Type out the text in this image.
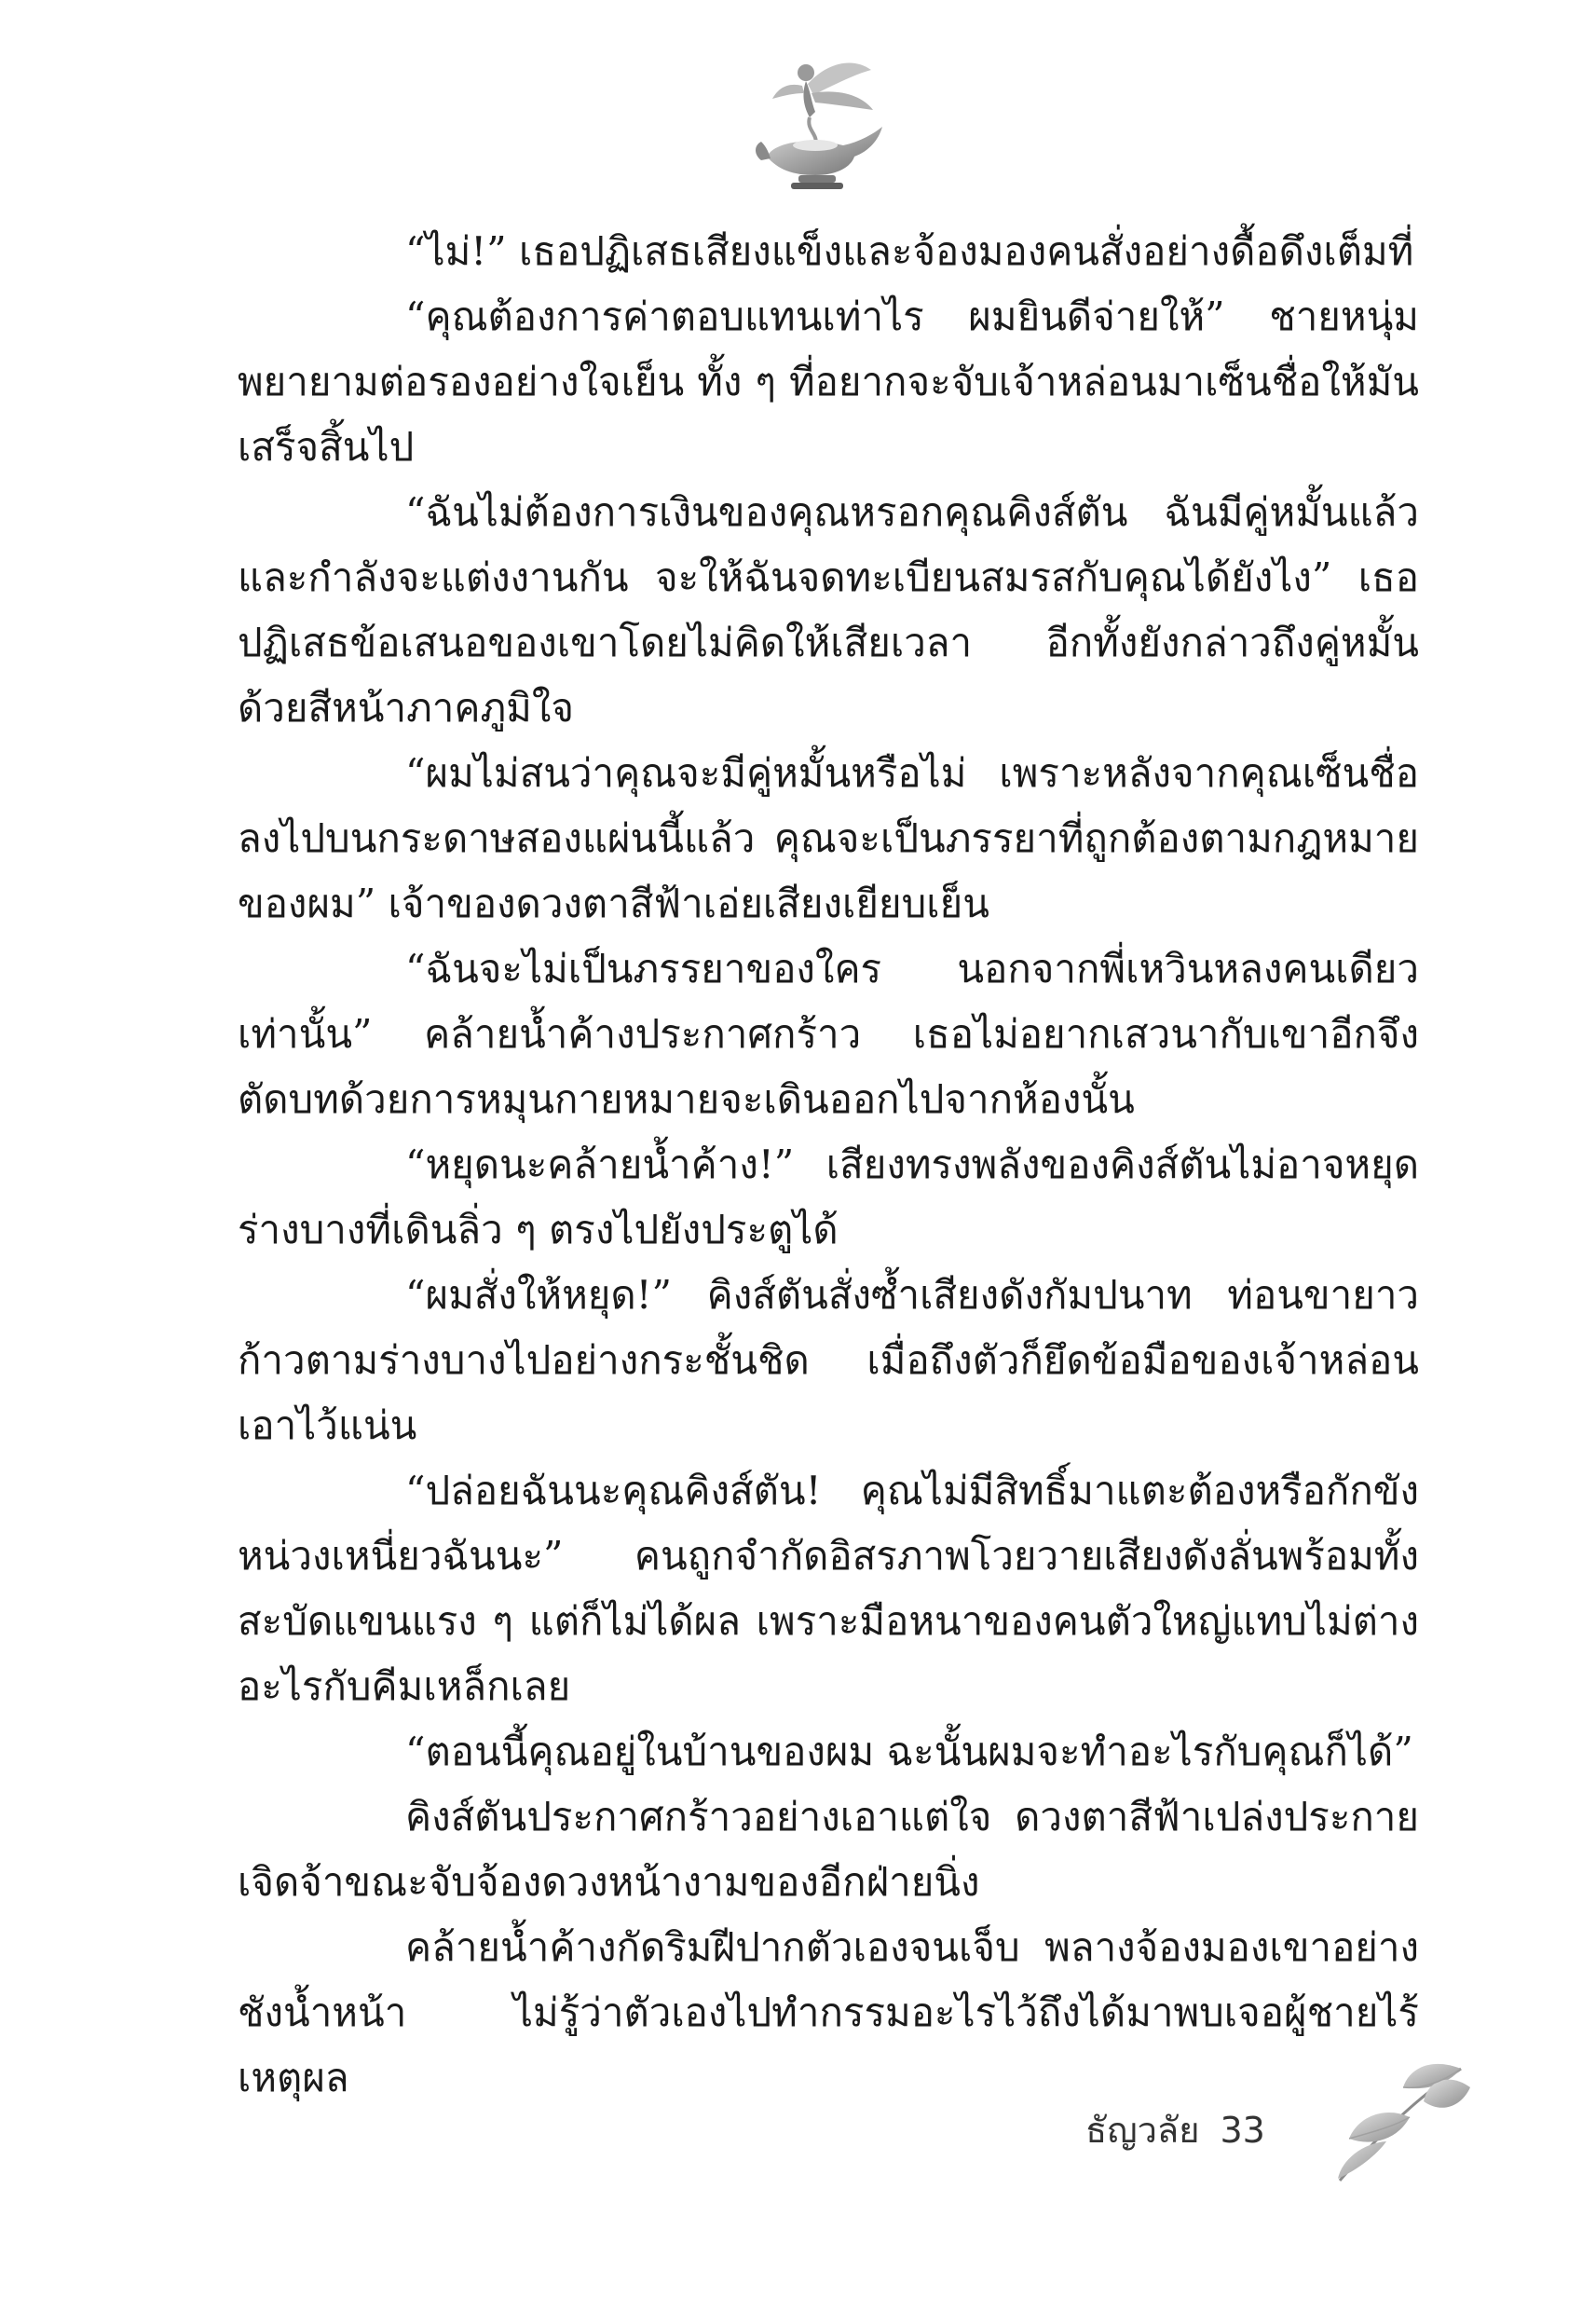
“ไม่!” เธอปฏิเสธเสียงแข็งและจ้องมองคนสั่งอย่างดื้อดึงเต็มที่

“คุณต้องการค่าตอบแทนเท่าไร ผมยินดีจ่ายให้” ชายหนุ่มพยายามต่อรองอย่างใจเย็น ทั้ง ๆ ที่อยากจะจับเจ้าหล่อนมาเซ็นชื่อให้มันเสร็จสิ้นไป

“ฉันไม่ต้องการเงินของคุณหรอกคุณคิงส์ตัน ฉันมีคู่หมั้นแล้วและกำลังจะแต่งงานกัน จะให้ฉันจดทะเบียนสมรสกับคุณได้ยังไง” เธอปฏิเสธข้อเสนอของเขาโดยไม่คิดให้เสียเวลา อีกทั้งยังกล่าวถึงคู่หมั้นด้วยสีหน้าภาคภูมิใจ

“ผมไม่สนว่าคุณจะมีคู่หมั้นหรือไม่ เพราะหลังจากคุณเซ็นชื่อลงไปบนกระดาษสองแผ่นนี้แล้ว คุณจะเป็นภรรยาที่ถูกต้องตามกฎหมายของผม” เจ้าของดวงตาสีฟ้าเอ่ยเสียงเยียบเย็น

“ฉันจะไม่เป็นภรรยาของใคร นอกจากพี่เหวินหลงคนเดียวเท่านั้น” คล้ายน้ำค้างประกาศกร้าว เธอไม่อยากเสวนากับเขาอีกจึงตัดบทด้วยการหมุนกายหมายจะเดินออกไปจากห้องนั้น

“หยุดนะคล้ายน้ำค้าง!” เสียงทรงพลังของคิงส์ตันไม่อาจหยุดร่างบางที่เดินลิ่ว ๆ ตรงไปยังประตูได้

“ผมสั่งให้หยุด!” คิงส์ตันสั่งซ้ำเสียงดังกัมปนาท ท่อนขายาวก้าวตามร่างบางไปอย่างกระชั้นชิด เมื่อถึงตัวก็ยึดข้อมือของเจ้าหล่อนเอาไว้แน่น

“ปล่อยฉันนะคุณคิงส์ตัน! คุณไม่มีสิทธิ์มาแตะต้องหรือกักขังหน่วงเหนี่ยวฉันนะ” คนถูกจำกัดอิสรภาพโวยวายเสียงดังลั่นพร้อมทั้งสะบัดแขนแรง ๆ แต่ก็ไม่ได้ผล เพราะมือหนาของคนตัวใหญ่แทบไม่ต่างอะไรกับคีมเหล็กเลย

“ตอนนี้คุณอยู่ในบ้านของผม ฉะนั้นผมจะทำอะไรกับคุณก็ได้”

คิงส์ตันประกาศกร้าวอย่างเอาแต่ใจ ดวงตาสีฟ้าเปล่งประกายเจิดจ้าขณะจับจ้องดวงหน้างามของอีกฝ่ายนิ่ง

คล้ายน้ำค้างกัดริมฝีปากตัวเองจนเจ็บ พลางจ้องมองเขาอย่างชังน้ำหน้า ไม่รู้ว่าตัวเองไปทำกรรมอะไรไว้ถึงได้มาพบเจอผู้ชายไร้เหตุผล

ธัญวลัย 33
